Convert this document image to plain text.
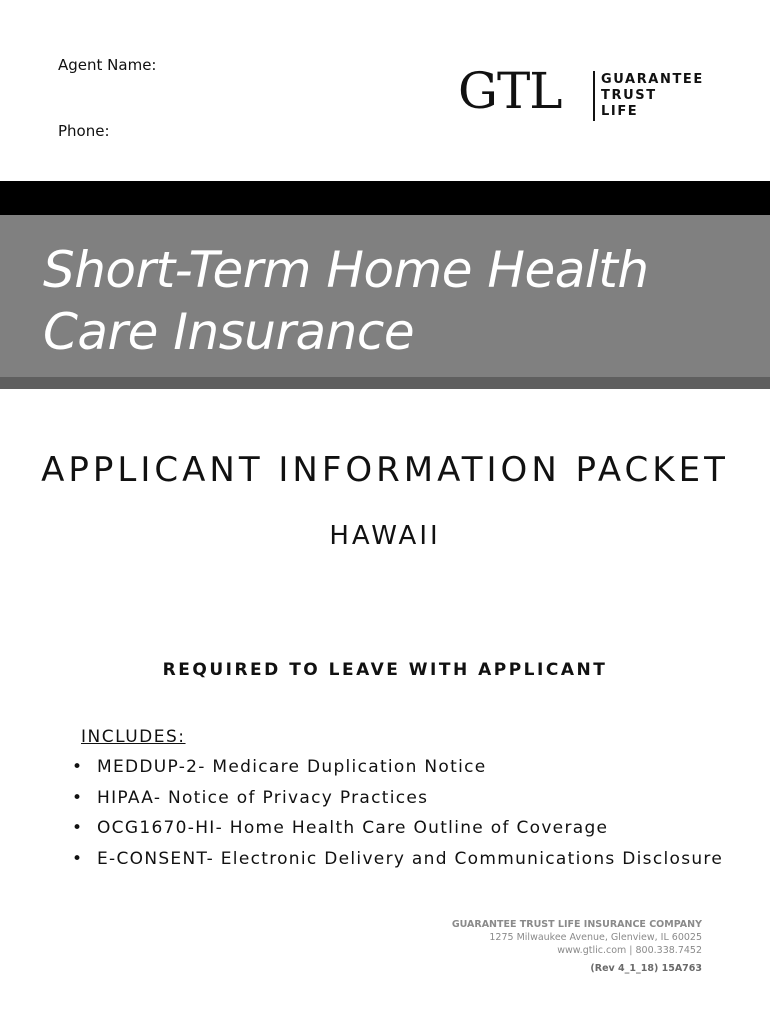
Agent Name:
Phone:
GTL	GUARANTEE
TRUST
LIFE
Short-Term Home Health
Care Insurance
APPLICANT INFORMATION PACKET
HAWAII
REQUIRED TO LEAVE WITH APPLICANT
INCLUDES:
• MEDDUP-2- Medicare Duplication Notice
• HIPAA- Notice of Privacy Practices
• OCG1670-HI- Home Health Care Outline of Coverage
• E-CONSENT- Electronic Delivery and Communications Disclosure
GUARANTEE TRUST LIFE INSURANCE COMPANY
1275 Milwaukee Avenue, Glenview, IL 60025
www.gtlic.com | 800.338.7452
(Rev 4_1_18) 15A763
